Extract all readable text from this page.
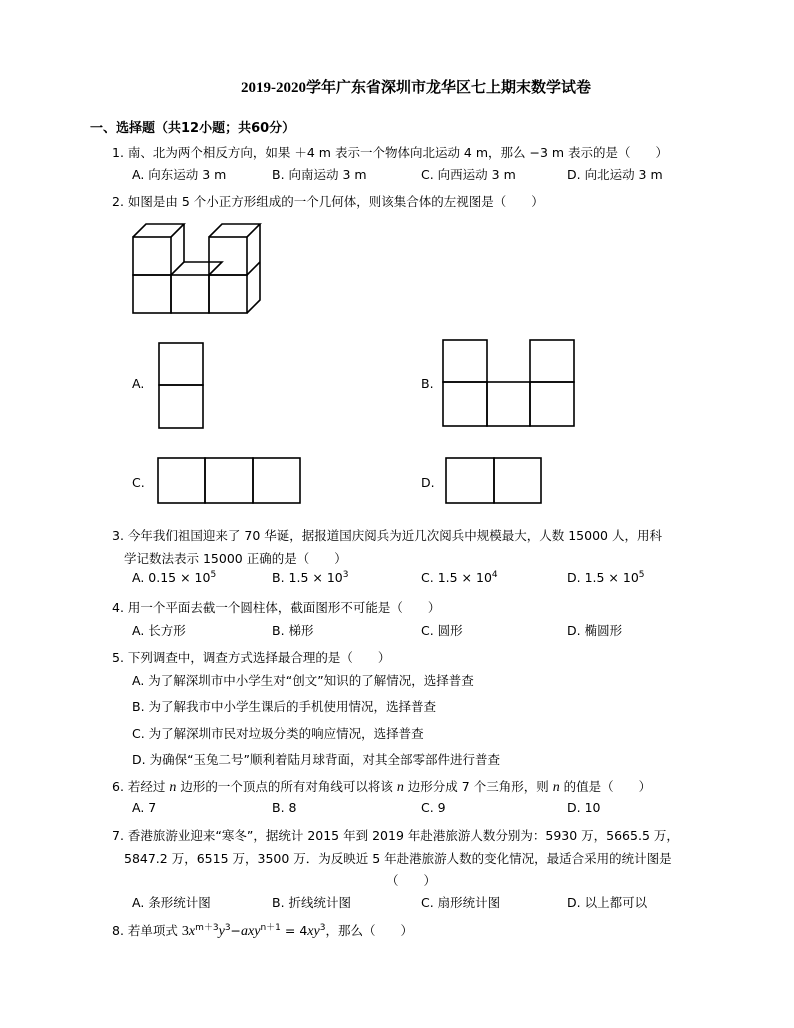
2019-2020学年广东省深圳市龙华区七上期末数学试卷
一、选择题（共12小题；共60分）
1. 南、北为两个相反方向，如果 ＋4 m 表示一个物体向北运动 4 m，那么 −3 m 表示的是（　　）
A. 向东运动 3 m	B. 向南运动 3 m	C. 向西运动 3 m	D. 向北运动 3 m
2. 如图是由 5 个小正方形组成的一个几何体，则该集合体的左视图是（　　）
A.	B.
C.	D.
3. 今年我们祖国迎来了 70 华诞，据报道国庆阅兵为近几次阅兵中规模最大，人数 15000 人，用科
学记数法表示 15000 正确的是（　　）
A. $0.15 \times 10^5$	B. $1.5 \times 10^3$	C. $1.5 \times 10^4$	D. $1.5 \times 10^5$
4. 用一个平面去截一个圆柱体，截面图形不可能是（　　）
A. 长方形	B. 梯形	C. 圆形	D. 椭圆形
5. 下列调查中，调查方式选择最合理的是（　　）
A. 为了解深圳市中小学生对“创文”知识的了解情况，选择普查
B. 为了解我市中小学生课后的手机使用情况，选择普查
C. 为了解深圳市民对垃圾分类的响应情况，选择普查
D. 为确保“玉兔二号”顺利着陆月球背面，对其全部零部件进行普查
6. 若经过 n 边形的一个顶点的所有对角线可以将该 n 边形分成 7 个三角形，则 n 的值是（　　）
A. 7	B. 8	C. 9	D. 10
7. 香港旅游业迎来“寒冬”，据统计 2015 年到 2019 年赴港旅游人数分别为：5930 万，5665.5 万，
5847.2 万，6515 万，3500 万．为反映近 5 年赴港旅游人数的变化情况，最适合采用的统计图是
（　　）
A. 条形统计图	B. 折线统计图	C. 扇形统计图	D. 以上都可以
8. 若单项式 $3x^{m+3}y^3-axy^{n+1} = 4xy^3$，那么（　　）
